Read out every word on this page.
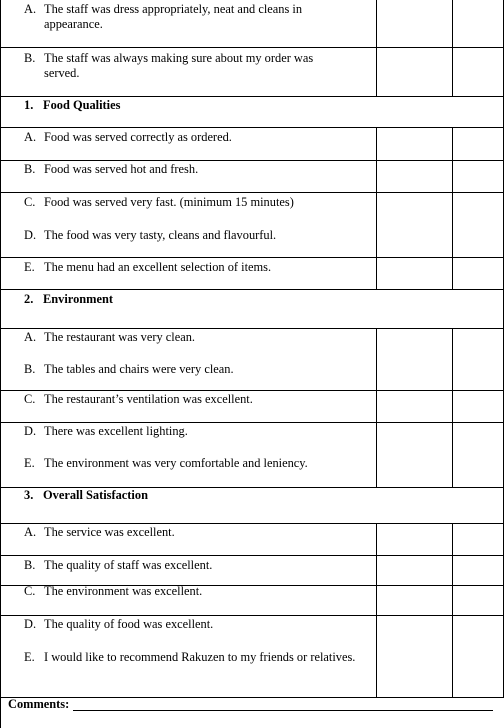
A. The staff was dress appropriately, neat and cleans in
appearance.
B. The staff was always making sure about my order was
served.
1. Food Qualities
A. Food was served correctly as ordered.
B. Food was served hot and fresh.
C. Food was served very fast. (minimum 15 minutes)
D. The food was very tasty, cleans and flavourful.
E. The menu had an excellent selection of items.
2. Environment
A. The restaurant was very clean.
B. The tables and chairs were very clean.
C. The restaurant’s ventilation was excellent.
D. There was excellent lighting.
E. The environment was very comfortable and leniency.
3. Overall Satisfaction
A. The service was excellent.
B. The quality of staff was excellent.
C. The environment was excellent.
D. The quality of food was excellent.
E. I would like to recommend Rakuzen to my friends or relatives.
Comments:
